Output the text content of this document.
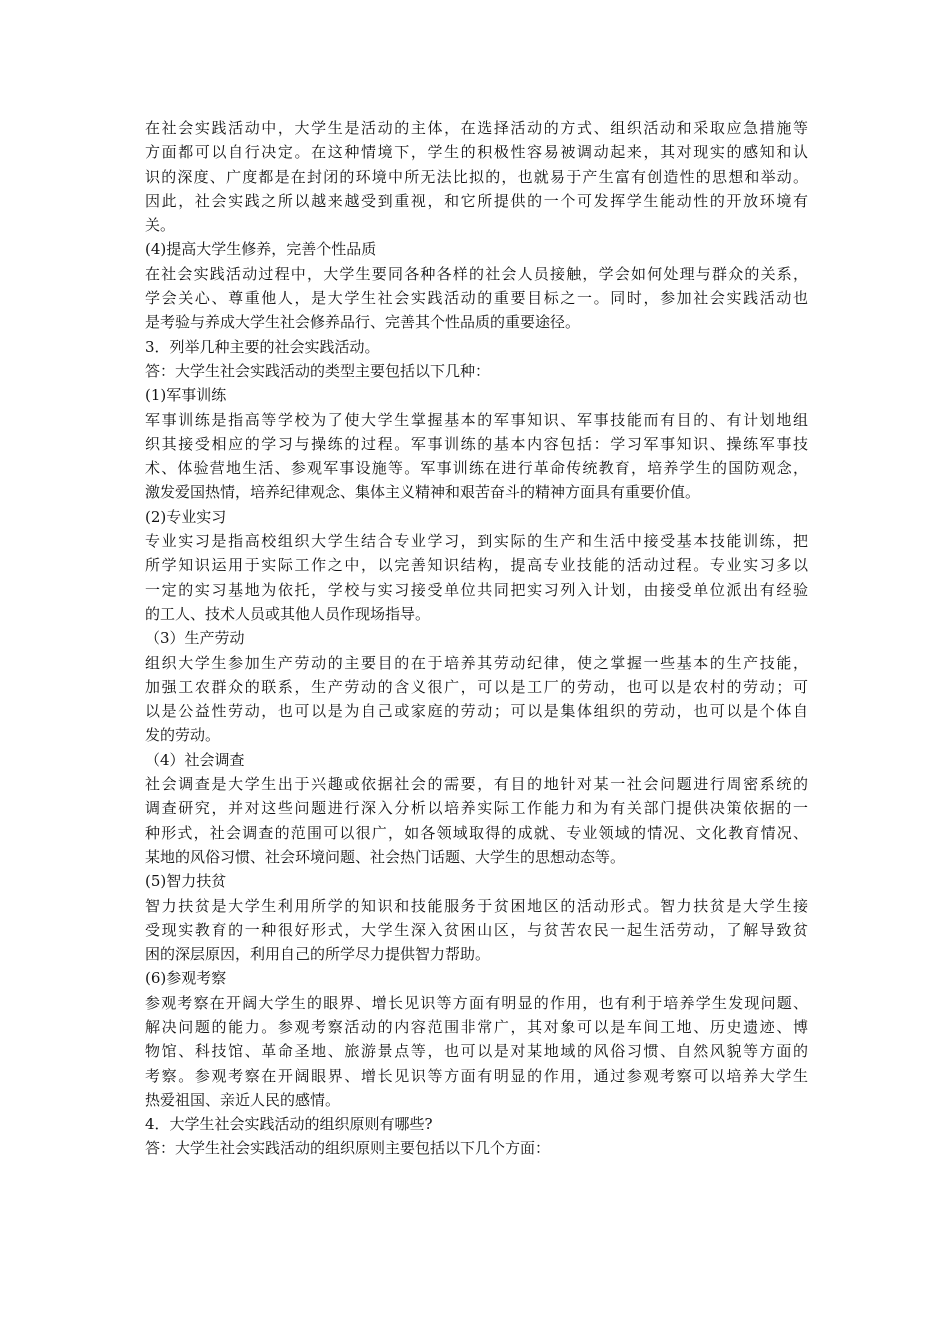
在社会实践活动中，大学生是活动的主体，在选择活动的方式、组织活动和采取应急措施等
方面都可以自行决定。在这种情境下，学生的积极性容易被调动起来，其对现实的感知和认
识的深度、广度都是在封闭的环境中所无法比拟的，也就易于产生富有创造性的思想和举动。
因此，社会实践之所以越来越受到重视，和它所提供的一个可发挥学生能动性的开放环境有
关。
(4)提高大学生修养，完善个性品质
在社会实践活动过程中，大学生要同各种各样的社会人员接触，学会如何处理与群众的关系，
学会关心、尊重他人，是大学生社会实践活动的重要目标之一。同时，参加社会实践活动也
是考验与养成大学生社会修养品行、完善其个性品质的重要途径。
3．列举几种主要的社会实践活动。
答：大学生社会实践活动的类型主要包括以下几种：
(1)军事训练
军事训练是指高等学校为了使大学生掌握基本的军事知识、军事技能而有目的、有计划地组
织其接受相应的学习与操练的过程。军事训练的基本内容包括：学习军事知识、操练军事技
术、体验营地生活、参观军事设施等。军事训练在进行革命传统教育，培养学生的国防观念，
激发爱国热情，培养纪律观念、集体主义精神和艰苦奋斗的精神方面具有重要价值。
(2)专业实习
专业实习是指高校组织大学生结合专业学习，到实际的生产和生活中接受基本技能训练，把
所学知识运用于实际工作之中，以完善知识结构，提高专业技能的活动过程。专业实习多以
一定的实习基地为依托，学校与实习接受单位共同把实习列入计划，由接受单位派出有经验
的工人、技术人员或其他人员作现场指导。
（3）生产劳动
组织大学生参加生产劳动的主要目的在于培养其劳动纪律，使之掌握一些基本的生产技能，
加强工农群众的联系，生产劳动的含义很广，可以是工厂的劳动，也可以是农村的劳动；可
以是公益性劳动，也可以是为自己或家庭的劳动；可以是集体组织的劳动，也可以是个体自
发的劳动。
（4）社会调查
社会调查是大学生出于兴趣或依据社会的需要，有目的地针对某一社会问题进行周密系统的
调查研究，并对这些问题进行深入分析以培养实际工作能力和为有关部门提供决策依据的一
种形式，社会调查的范围可以很广，如各领域取得的成就、专业领域的情况、文化教育情况、
某地的风俗习惯、社会环境问题、社会热门话题、大学生的思想动态等。
(5)智力扶贫
智力扶贫是大学生利用所学的知识和技能服务于贫困地区的活动形式。智力扶贫是大学生接
受现实教育的一种很好形式，大学生深入贫困山区，与贫苦农民一起生活劳动，了解导致贫
困的深层原因，利用自己的所学尽力提供智力帮助。
(6)参观考察
参观考察在开阔大学生的眼界、增长见识等方面有明显的作用，也有利于培养学生发现问题、
解决问题的能力。参观考察活动的内容范围非常广，其对象可以是车间工地、历史遗迹、博
物馆、科技馆、革命圣地、旅游景点等，也可以是对某地域的风俗习惯、自然风貌等方面的
考察。参观考察在开阔眼界、增长见识等方面有明显的作用，通过参观考察可以培养大学生
热爱祖国、亲近人民的感情。
4．大学生社会实践活动的组织原则有哪些?
答：大学生社会实践活动的组织原则主要包括以下几个方面：
